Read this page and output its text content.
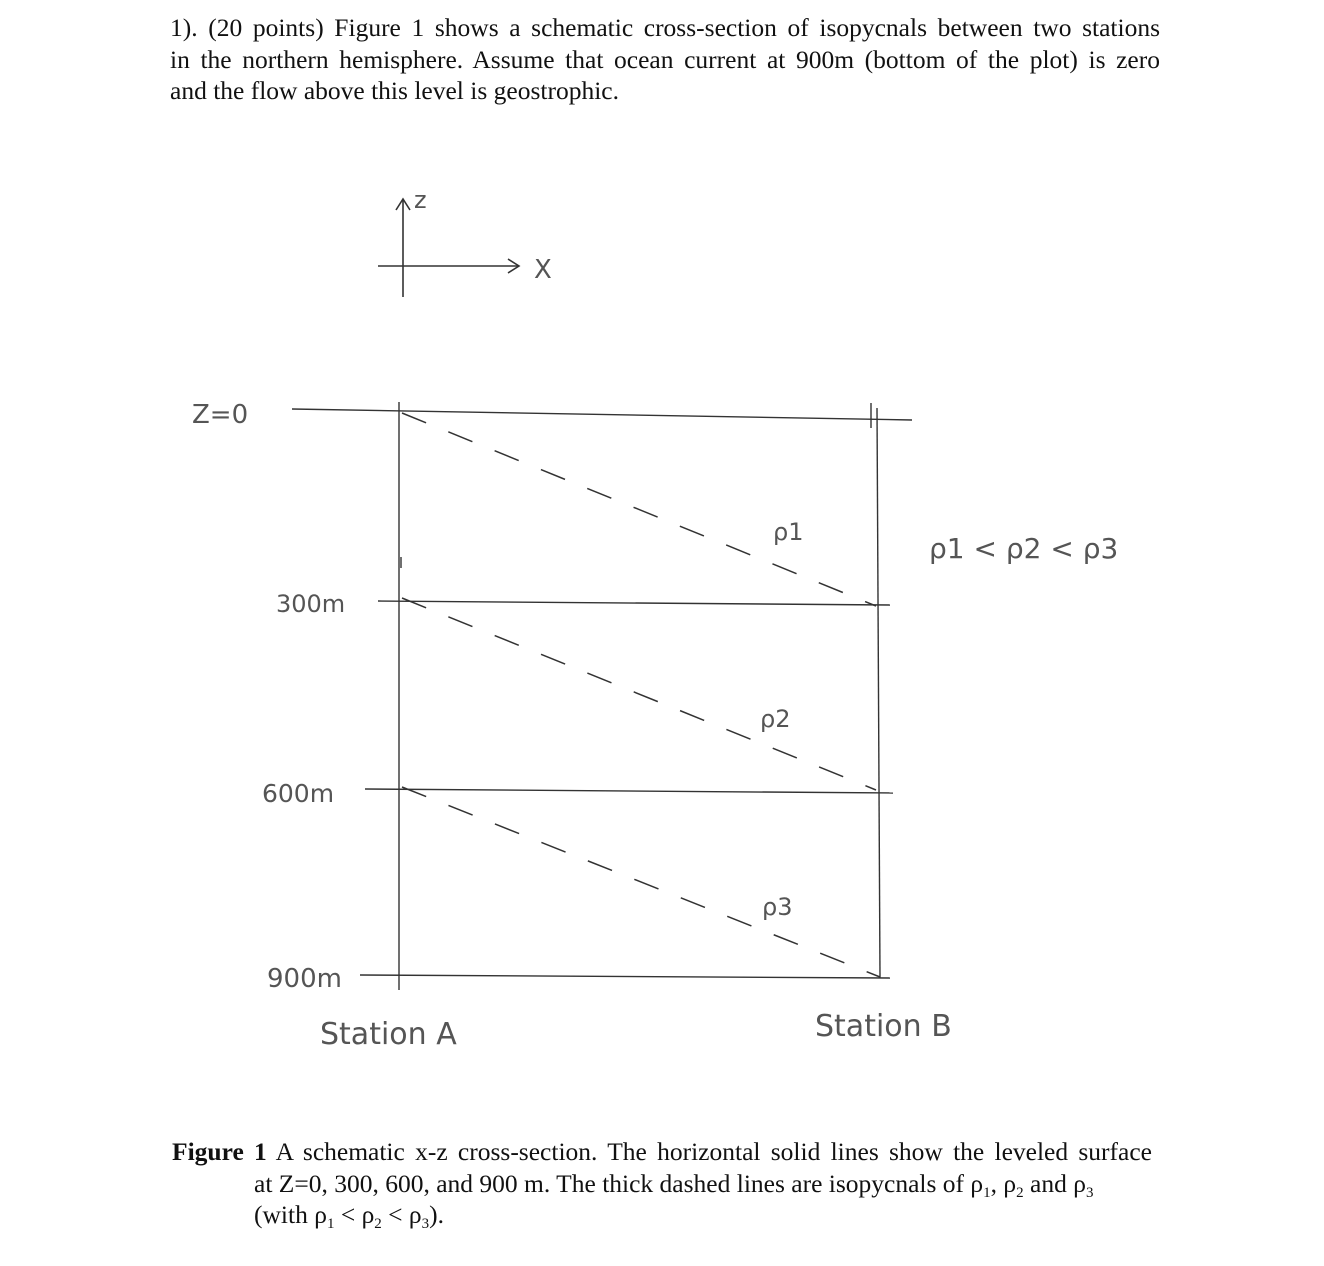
1). (20 points) Figure 1 shows a schematic cross-section of isopycnals between two stations
in the northern hemisphere. Assume that ocean current at 900m (bottom of the plot) is zero
and the flow above this level is geostrophic.
z
X
Z=0
300m
600m
900m
ρ1
ρ2
ρ3
ρ1 < ρ2 < ρ3
Station A	Station B
Figure 1 A schematic x-z cross-section. The horizontal solid lines show the leveled surface
at Z=0, 300, 600, and 900 m. The thick dashed lines are isopycnals of $\rho_1$, $\rho_2$ and $\rho_3$
(with $\rho_1 < \rho_2 < \rho_3$).
